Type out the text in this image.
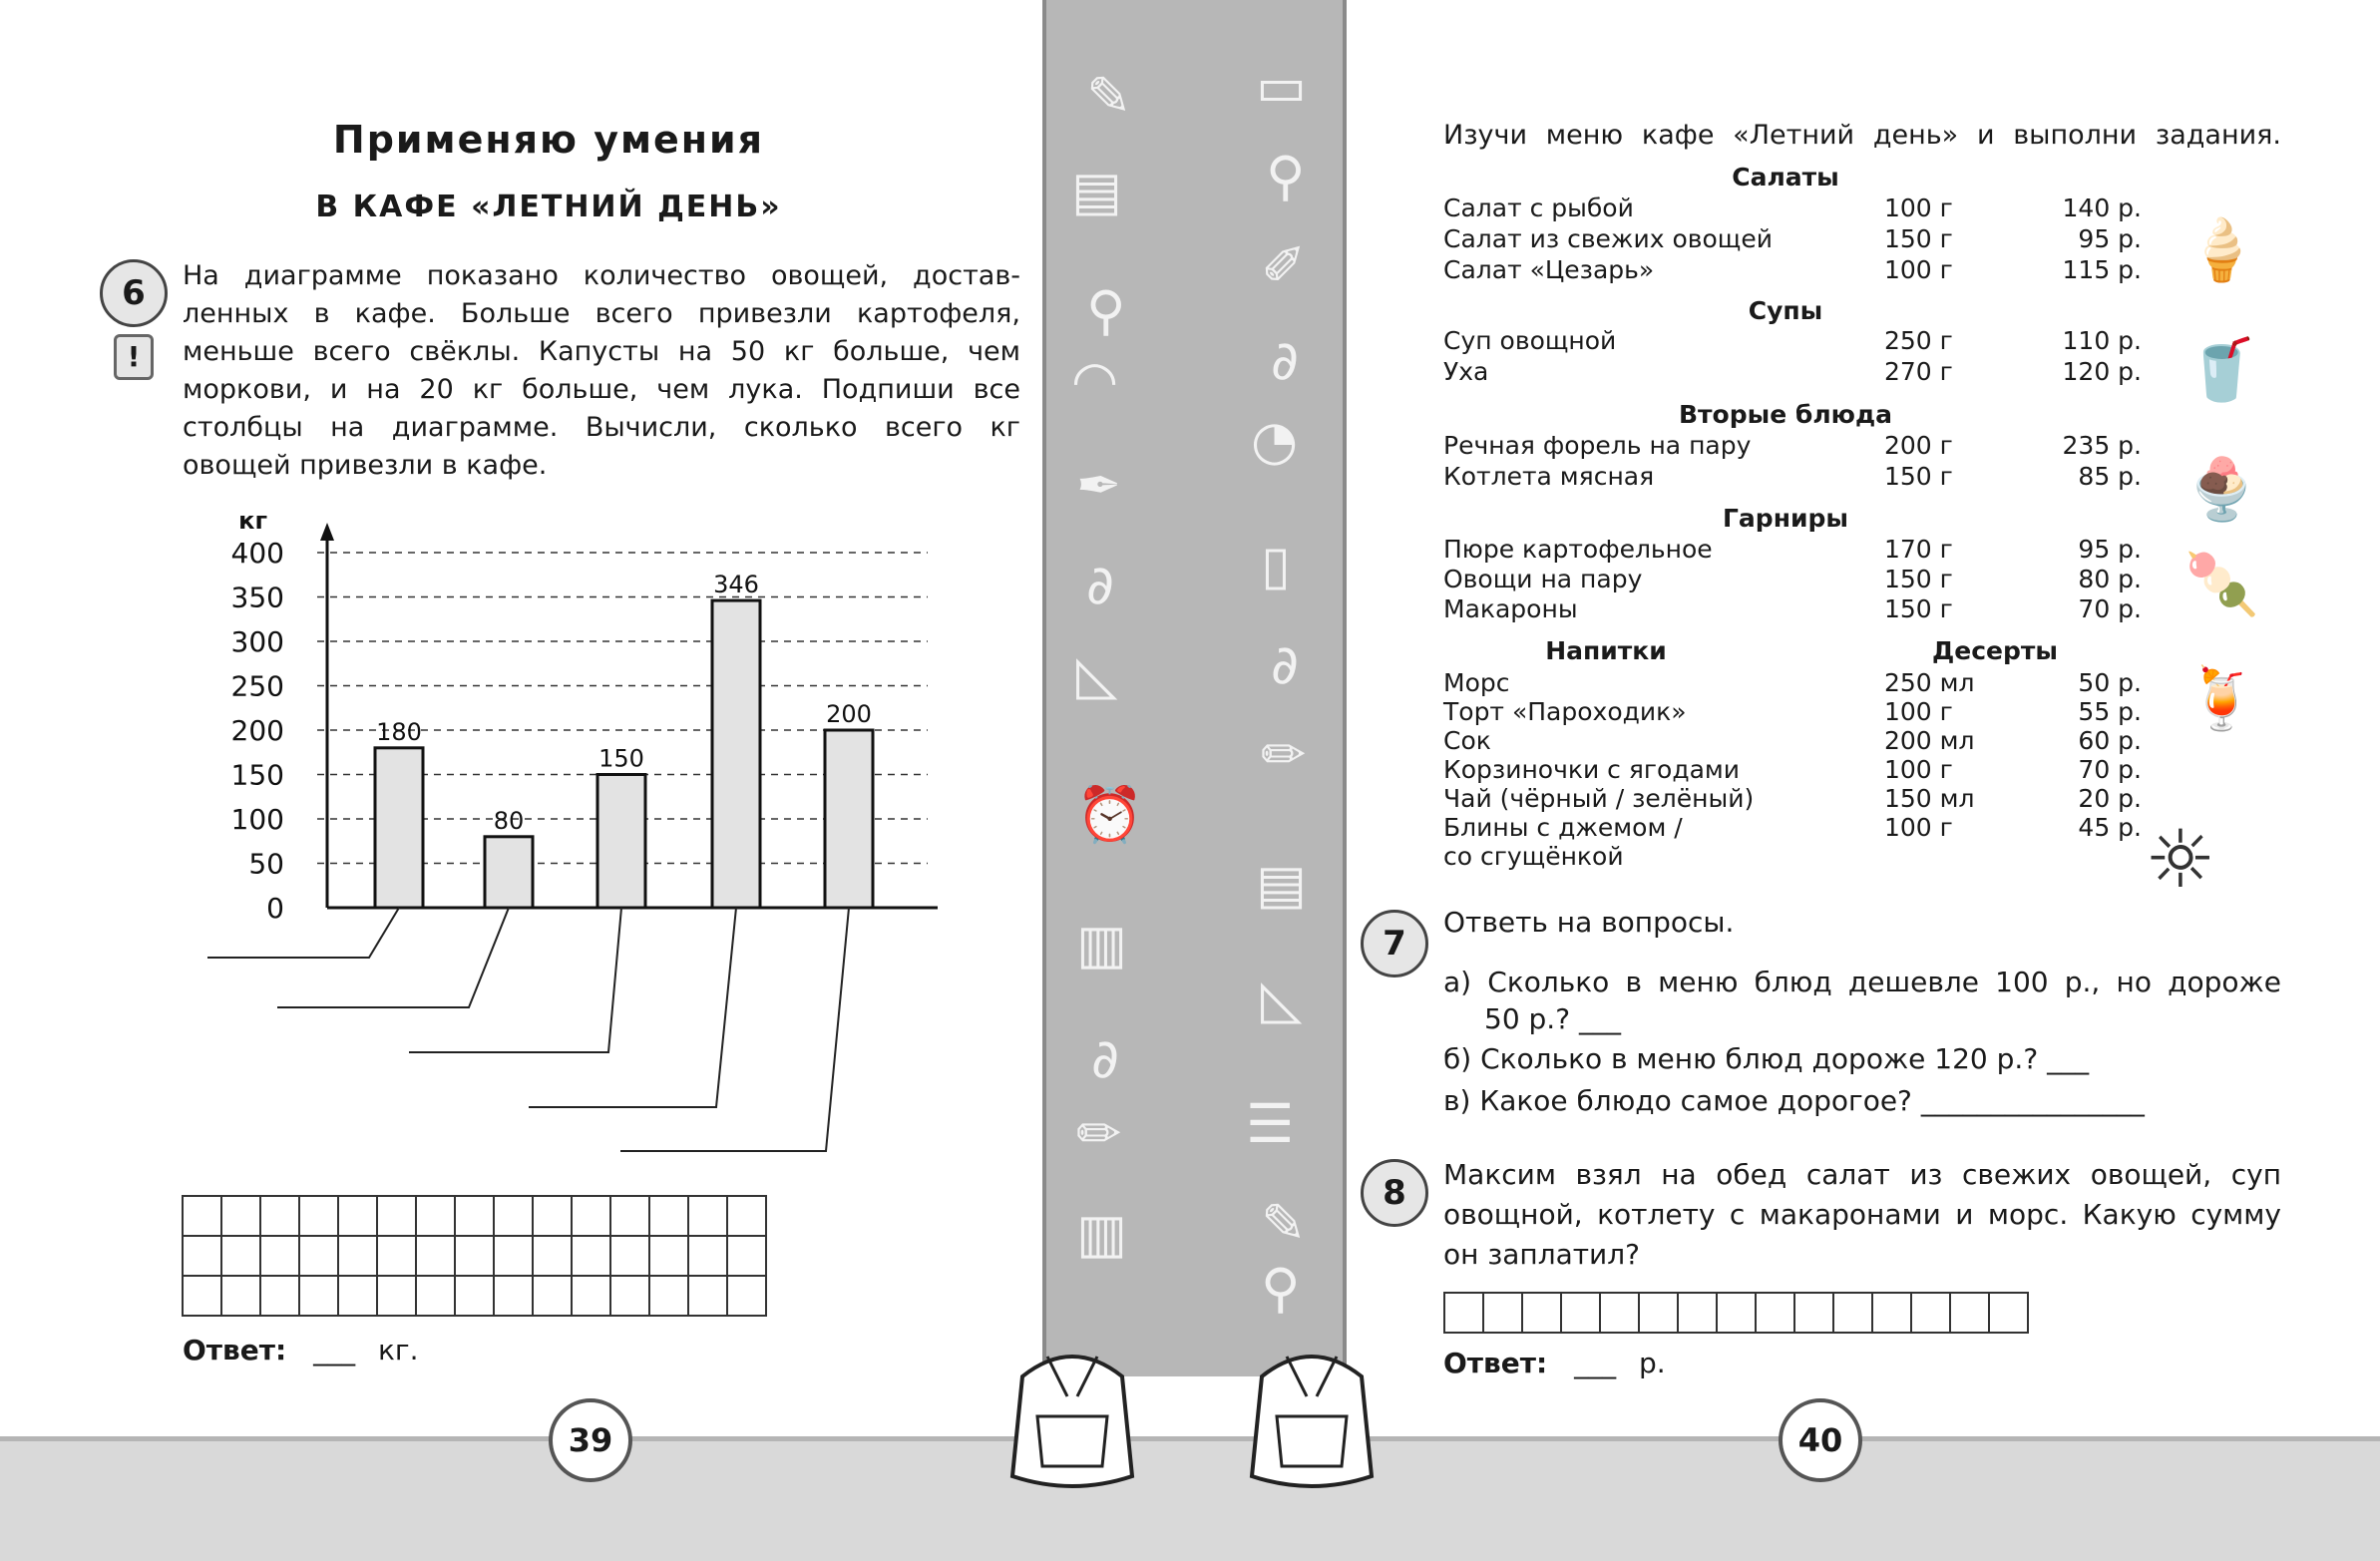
✎ ▭
▤	⚲
✐
⚲
◠	∂
◔
✒
▯
∂
◺	∂
✏
⏰
▤
▥
◺
∂
☰
✏
▥ ✎
⚲
Применяю умения
В КАФЕ «ЛЕТНИЙ ДЕНЬ»
6
!
На диаграмме показано количество овощей, достав-
ленных в кафе. Больше всего привезли картофеля,
меньше всего свёклы. Капусты на 50 кг больше, чем
моркови, и на 20 кг больше, чем лука. Подпиши все
столбцы на диаграмме. Вычисли, сколько всего кг
овощей привезли в кафе.
0
50
100
150
200
250
300
350
400
кг
180
80
150
346
200

Ответ: ___ кг.
39
Изучи меню кафе «Летний день» и выполни задания.
Салаты
Салат с рыбой	100 г	140 р.
Салат из свежих овощей	150 г	95 р.
Салат «Цезарь»	100 г	115 р.
Супы
Суп овощной	250 г	110 р.
Уха	270 г	120 р.
Вторые блюда
Речная форель на пару	200 г	235 р.
Котлета мясная	150 г	85 р.
Гарниры
Пюре картофельное	170 г	95 р.
Овощи на пару	150 г	80 р.
Макароны	150 г	70 р.
Напитки	Десерты
Морс	250 мл	50 р.
Торт «Пароходик»	100 г	55 р.
Сок	200 мл	60 р.
Корзиночки с ягодами	100 г	70 р.
Чай (чёрный / зелёный)	150 мл	20 р.
Блины с джемом /	100 г	45 р.
со сгущёнкой
🍦
🥤
🍨
🍡
🍹
☼
7
Ответь на вопросы.
а) Сколько в меню блюд дешевле 100 р., но дороже
50 р.? ___
б) Сколько в меню блюд дороже 120 р.? ___
в) Какое блюдо самое дорогое? ________________
8	Максим взял на обед салат из свежих овощей, суп
овощной, котлету с макаронами и морс. Какую сумму
он заплатил?

Ответ: ___ р.
40
